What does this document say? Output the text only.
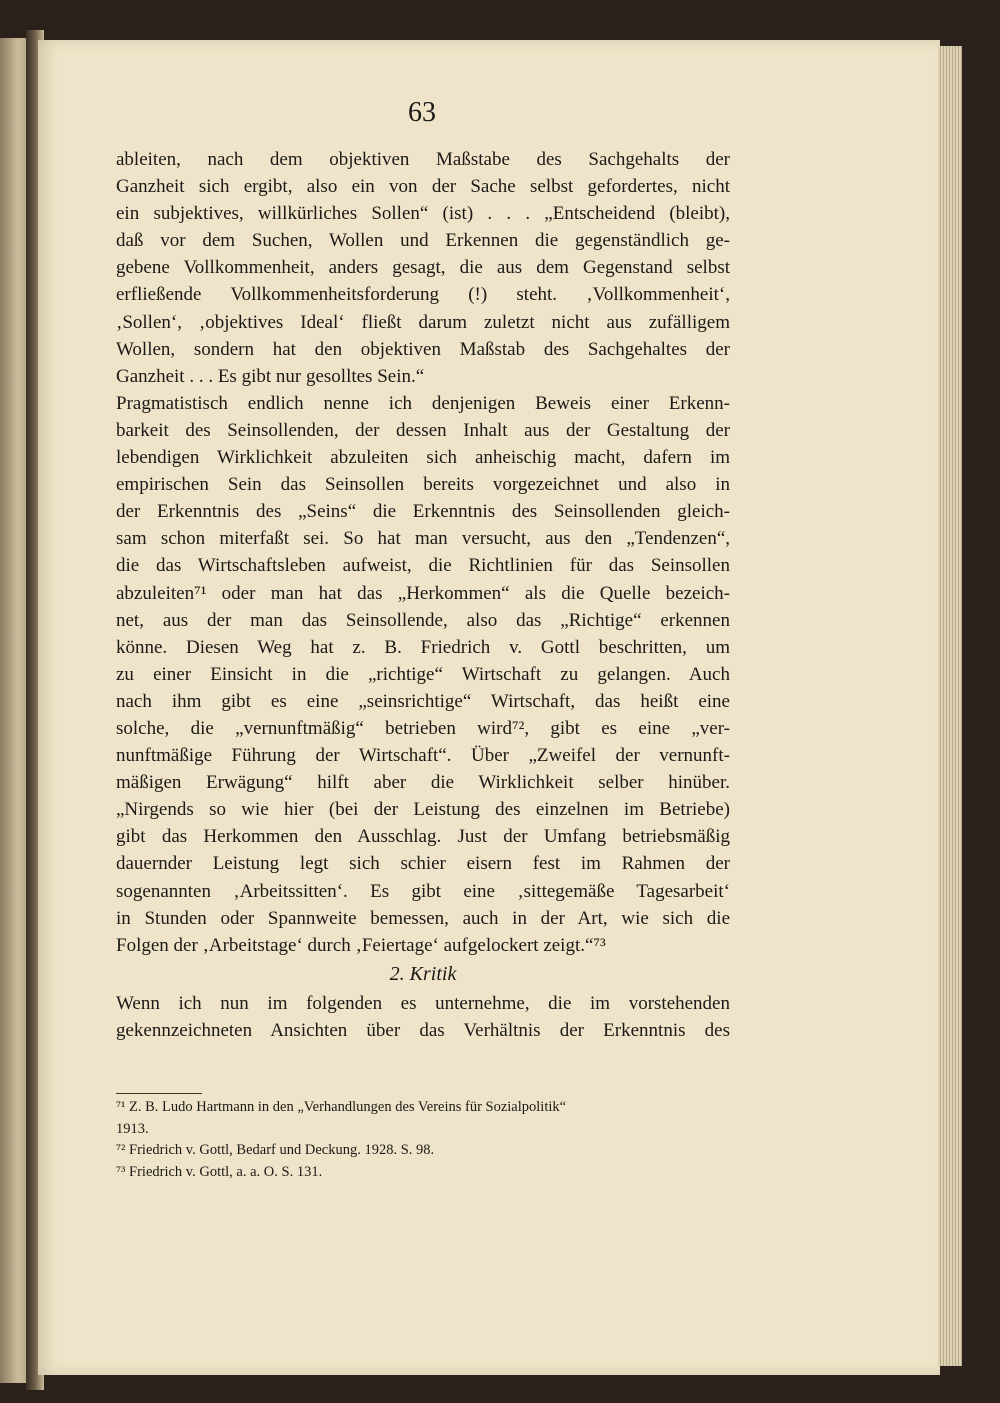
63
ableiten, nach dem objektiven Maßstabe des Sachgehalts der
Ganzheit sich ergibt, also ein von der Sache selbst gefordertes, nicht
ein subjektives, willkürliches Sollen“ (ist) . . . „Entscheidend (bleibt),
daß vor dem Suchen, Wollen und Erkennen die gegenständlich ge-
gebene Vollkommenheit, anders gesagt, die aus dem Gegenstand selbst
erfließende Vollkommenheitsforderung (!) steht. ‚Vollkommenheit‘,
‚Sollen‘, ‚objektives Ideal‘ fließt darum zuletzt nicht aus zufälligem
Wollen, sondern hat den objektiven Maßstab des Sachgehaltes der
Ganzheit . . . Es gibt nur gesolltes Sein.“
Pragmatistisch endlich nenne ich denjenigen Beweis einer Erkenn-
barkeit des Seinsollenden, der dessen Inhalt aus der Gestaltung der
lebendigen Wirklichkeit abzuleiten sich anheischig macht, dafern im
empirischen Sein das Seinsollen bereits vorgezeichnet und also in
der Erkenntnis des „Seins“ die Erkenntnis des Seinsollenden gleich-
sam schon miterfaßt sei. So hat man versucht, aus den „Tendenzen“,
die das Wirtschaftsleben aufweist, die Richtlinien für das Seinsollen
abzuleiten⁷¹ oder man hat das „Herkommen“ als die Quelle bezeich-
net, aus der man das Seinsollende, also das „Richtige“ erkennen
könne. Diesen Weg hat z. B. Friedrich v. Gottl beschritten, um
zu einer Einsicht in die „richtige“ Wirtschaft zu gelangen. Auch
nach ihm gibt es eine „seinsrichtige“ Wirtschaft, das heißt eine
solche, die „vernunftmäßig“ betrieben wird⁷², gibt es eine „ver-
nunftmäßige Führung der Wirtschaft“. Über „Zweifel der vernunft-
mäßigen Erwägung“ hilft aber die Wirklichkeit selber hinüber.
„Nirgends so wie hier (bei der Leistung des einzelnen im Betriebe)
gibt das Herkommen den Ausschlag. Just der Umfang betriebsmäßig
dauernder Leistung legt sich schier eisern fest im Rahmen der
sogenannten ‚Arbeitssitten‘. Es gibt eine ‚sittegemäße Tagesarbeit‘
in Stunden oder Spannweite bemessen, auch in der Art, wie sich die
Folgen der ‚Arbeitstage‘ durch ‚Feiertage‘ aufgelockert zeigt.“⁷³
2. Kritik
Wenn ich nun im folgenden es unternehme, die im vorstehenden
gekennzeichneten Ansichten über das Verhältnis der Erkenntnis des
⁷¹ Z. B. Ludo Hartmann in den „Verhandlungen des Vereins für Sozialpolitik“
1913.
⁷² Friedrich v. Gottl, Bedarf und Deckung. 1928. S. 98.
⁷³ Friedrich v. Gottl, a. a. O. S. 131.
